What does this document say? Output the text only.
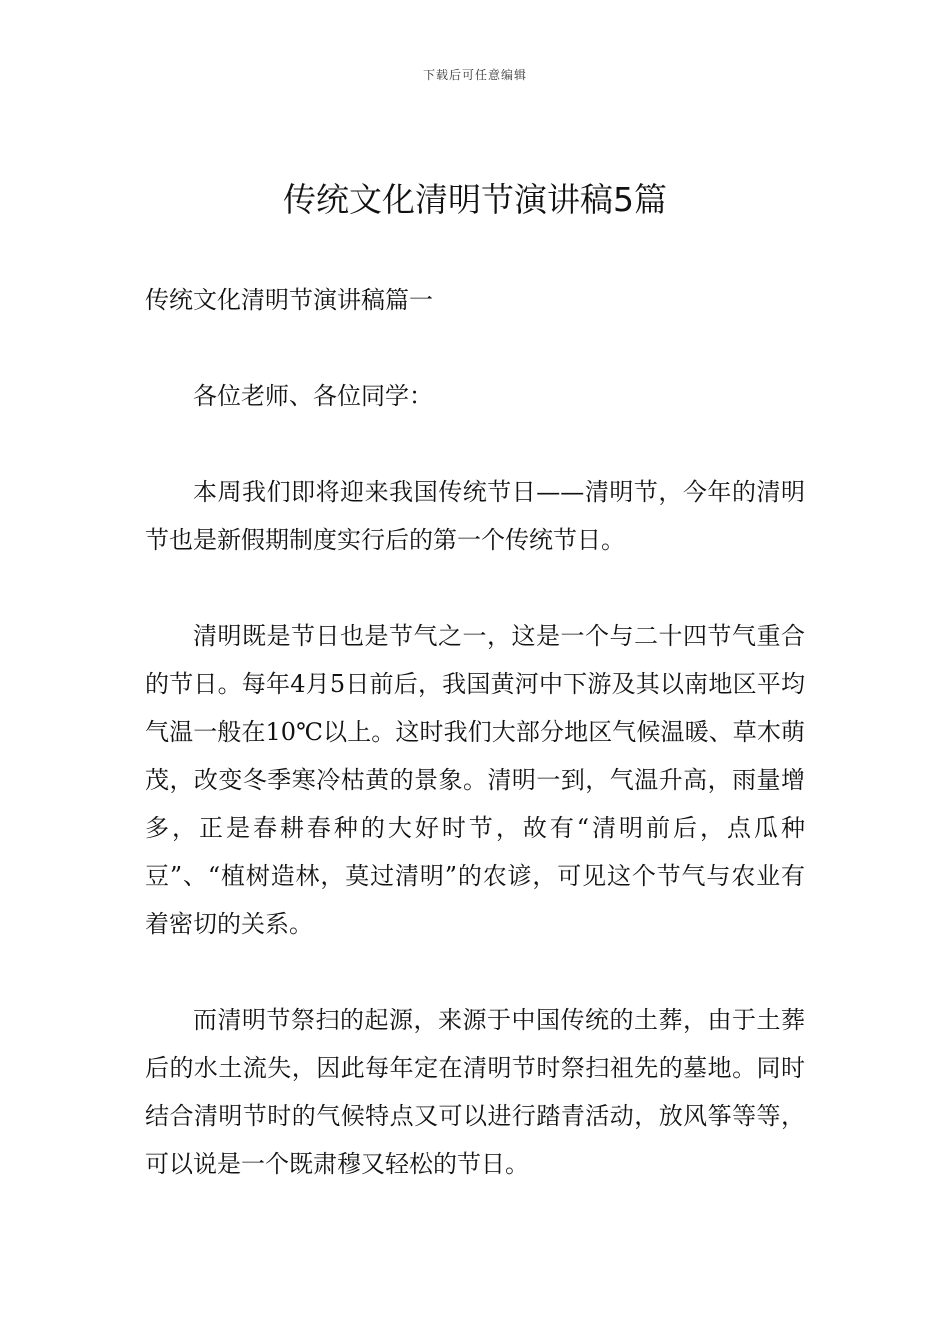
下载后可任意编辑
传统文化清明节演讲稿5篇
传统文化清明节演讲稿篇一

各位老师、各位同学：

本周我们即将迎来我国传统节日——清明节，今年的清明节也是新假期制度实行后的第一个传统节日。

清明既是节日也是节气之一，这是一个与二十四节气重合的节日。每年4月5日前后，我国黄河中下游及其以南地区平均气温一般在10℃以上。这时我们大部分地区气候温暖、草木萌茂，改变冬季寒冷枯黄的景象。清明一到，气温升高，雨量增多，正是春耕春种的大好时节，故有“清明前后，点瓜种豆”、“植树造林，莫过清明”的农谚，可见这个节气与农业有着密切的关系。

而清明节祭扫的起源，来源于中国传统的土葬，由于土葬后的水土流失，因此每年定在清明节时祭扫祖先的墓地。同时结合清明节时的气候特点又可以进行踏青活动，放风筝等等，可以说是一个既肃穆又轻松的节日。
